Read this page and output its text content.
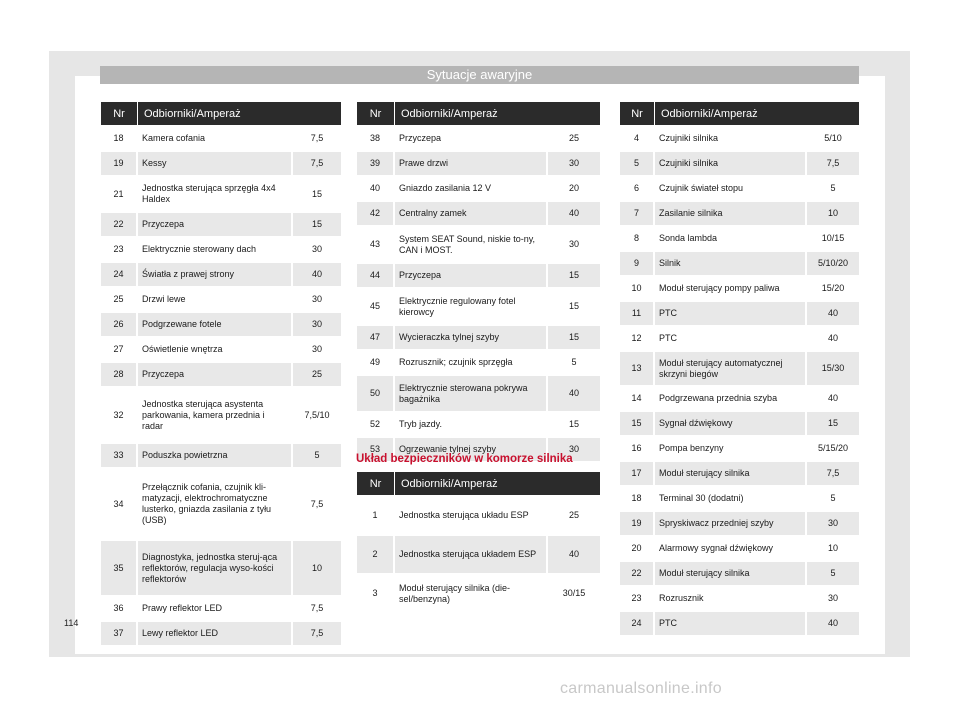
Sytuacje awaryjne
Nr	Odbiorniki/Amperaż	
18	Kamera cofania	7,5
19	Kessy	7,5
21	Jednostka sterująca sprzęgła 4x4 Haldex	15
22	Przyczepa	15
23	Elektrycznie sterowany dach	30
24	Światła z prawej strony	40
25	Drzwi lewe	30
26	Podgrzewane fotele	30
27	Oświetlenie wnętrza	30
28	Przyczepa	25
32	Jednostka sterująca asystenta parkowania, kamera przednia i radar	7,5/10
33	Poduszka powietrzna	5
34	Przełącznik cofania, czujnik kli-matyzacji, elektrochromatyczne lusterko, gniazda zasilania z tyłu (USB)	7,5
35	Diagnostyka, jednostka steruj-ąca reflektorów, regulacja wyso-kości reflektorów	10
36	Prawy reflektor LED	7,5
37	Lewy reflektor LED	7,5
Nr	Odbiorniki/Amperaż	
38	Przyczepa	25
39	Prawe drzwi	30
40	Gniazdo zasilania 12 V	20
42	Centralny zamek	40
43	System SEAT Sound, niskie to-ny, CAN i MOST.	30
44	Przyczepa	15
45	Elektrycznie regulowany fotel kierowcy	15
47	Wycieraczka tylnej szyby	15
49	Rozrusznik; czujnik sprzęgła	5
50	Elektrycznie sterowana pokrywa bagażnika	40
52	Tryb jazdy.	15
53	Ogrzewanie tylnej szyby	30
Układ bezpieczników w komorze silnika
Nr	Odbiorniki/Amperaż	
1	Jednostka sterująca układu ESP	25
2	Jednostka sterująca układem ESP	40
3	Moduł sterujący silnika (die-sel/benzyna)	30/15
Nr	Odbiorniki/Amperaż	
4	Czujniki silnika	5/10
5	Czujniki silnika	7,5
6	Czujnik świateł stopu	5
7	Zasilanie silnika	10
8	Sonda lambda	10/15
9	Silnik	5/10/20
10	Moduł sterujący pompy paliwa	15/20
11	PTC	40
12	PTC	40
13	Moduł sterujący automatycznej skrzyni biegów	15/30
14	Podgrzewana przednia szyba	40
15	Sygnał dźwiękowy	15
16	Pompa benzyny	5/15/20
17	Moduł sterujący silnika	7,5
18	Terminal 30 (dodatni)	5
19	Spryskiwacz przedniej szyby	30
20	Alarmowy sygnał dźwiękowy	10
22	Moduł sterujący silnika	5
23	Rozrusznik	30
24	PTC	40
114
carmanualsonline.info
